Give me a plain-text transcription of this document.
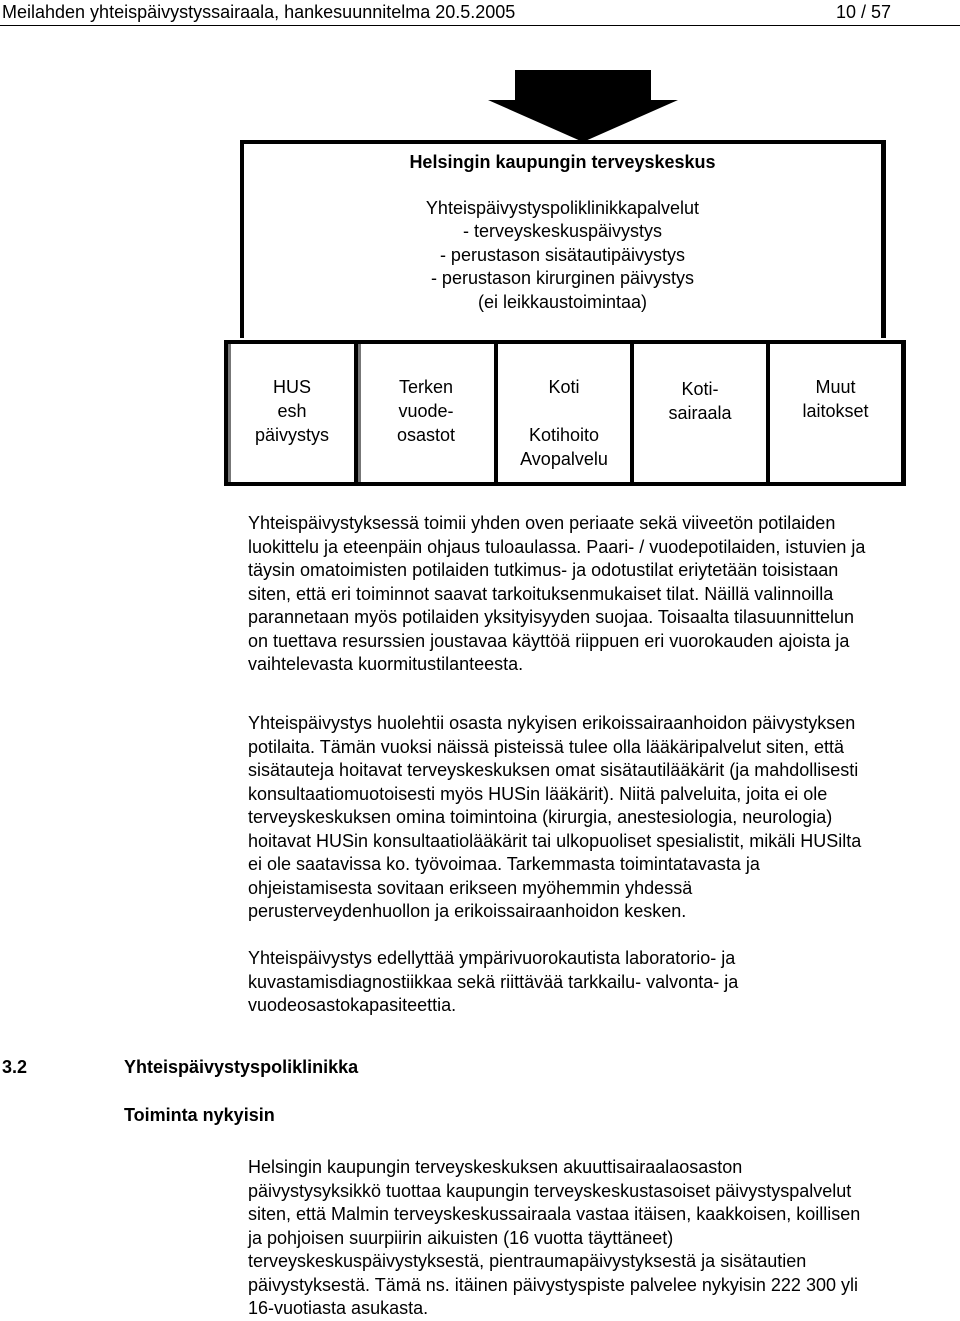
Meilahden yhteispäivystyssairaala, hankesuunnitelma 20.5.2005	10 / 57
Helsingin kaupungin terveyskeskus
Yhteispäivystyspoliklinikkapalvelut
- terveyskeskuspäivystys
- perustason sisätautipäivystys
- perustason kirurginen päivystys
(ei leikkaustoimintaa)
HUS
esh
päivystys
Terken
vuode-
osastot
Koti
Kotihoito
Avopalvelu
Koti-
sairaala
Muut
laitokset
Yhteispäivystyksessä toimii yhden oven periaate sekä viiveetön potilaiden
luokittelu ja eteenpäin ohjaus tuloaulassa. Paari- / vuodepotilaiden, istuvien ja
täysin omatoimisten potilaiden tutkimus- ja odotustilat eriytetään toisistaan
siten, että eri toiminnot saavat tarkoituksenmukaiset tilat. Näillä valinnoilla
parannetaan myös potilaiden yksityisyyden suojaa. Toisaalta tilasuunnittelun
on tuettava resurssien joustavaa käyttöä riippuen eri vuorokauden ajoista ja
vaihtelevasta kuormitustilanteesta.
Yhteispäivystys huolehtii osasta nykyisen erikoissairaanhoidon päivystyksen
potilaita. Tämän vuoksi näissä pisteissä tulee olla lääkäripalvelut siten, että
sisätauteja hoitavat terveyskeskuksen omat sisätautilääkärit (ja mahdollisesti
konsultaatiomuotoisesti myös HUSin lääkärit). Niitä palveluita, joita ei ole
terveyskeskuksen omina toimintoina (kirurgia, anestesiologia, neurologia)
hoitavat HUSin konsultaatiolääkärit tai ulkopuoliset spesialistit, mikäli HUSilta
ei ole saatavissa ko. työvoimaa. Tarkemmasta toimintatavasta ja
ohjeistamisesta sovitaan erikseen myöhemmin yhdessä
perusterveydenhuollon ja erikoissairaanhoidon kesken.
Yhteispäivystys edellyttää ympärivuorokautista laboratorio- ja
kuvastamisdiagnostiikkaa sekä riittävää tarkkailu- valvonta- ja
vuodeosastokapasiteettia.
3.2	Yhteispäivystyspoliklinikka
Toiminta nykyisin
Helsingin kaupungin terveyskeskuksen akuuttisairaalaosaston
päivystysyksikkö tuottaa kaupungin terveyskeskustasoiset päivystyspalvelut
siten, että Malmin terveyskeskussairaala vastaa itäisen, kaakkoisen, koillisen
ja pohjoisen suurpiirin aikuisten (16 vuotta täyttäneet)
terveyskeskuspäivystyksestä, pientraumapäivystyksestä ja sisätautien
päivystyksestä. Tämä ns. itäinen päivystyspiste palvelee nykyisin 222 300 yli
16-vuotiasta asukasta.
